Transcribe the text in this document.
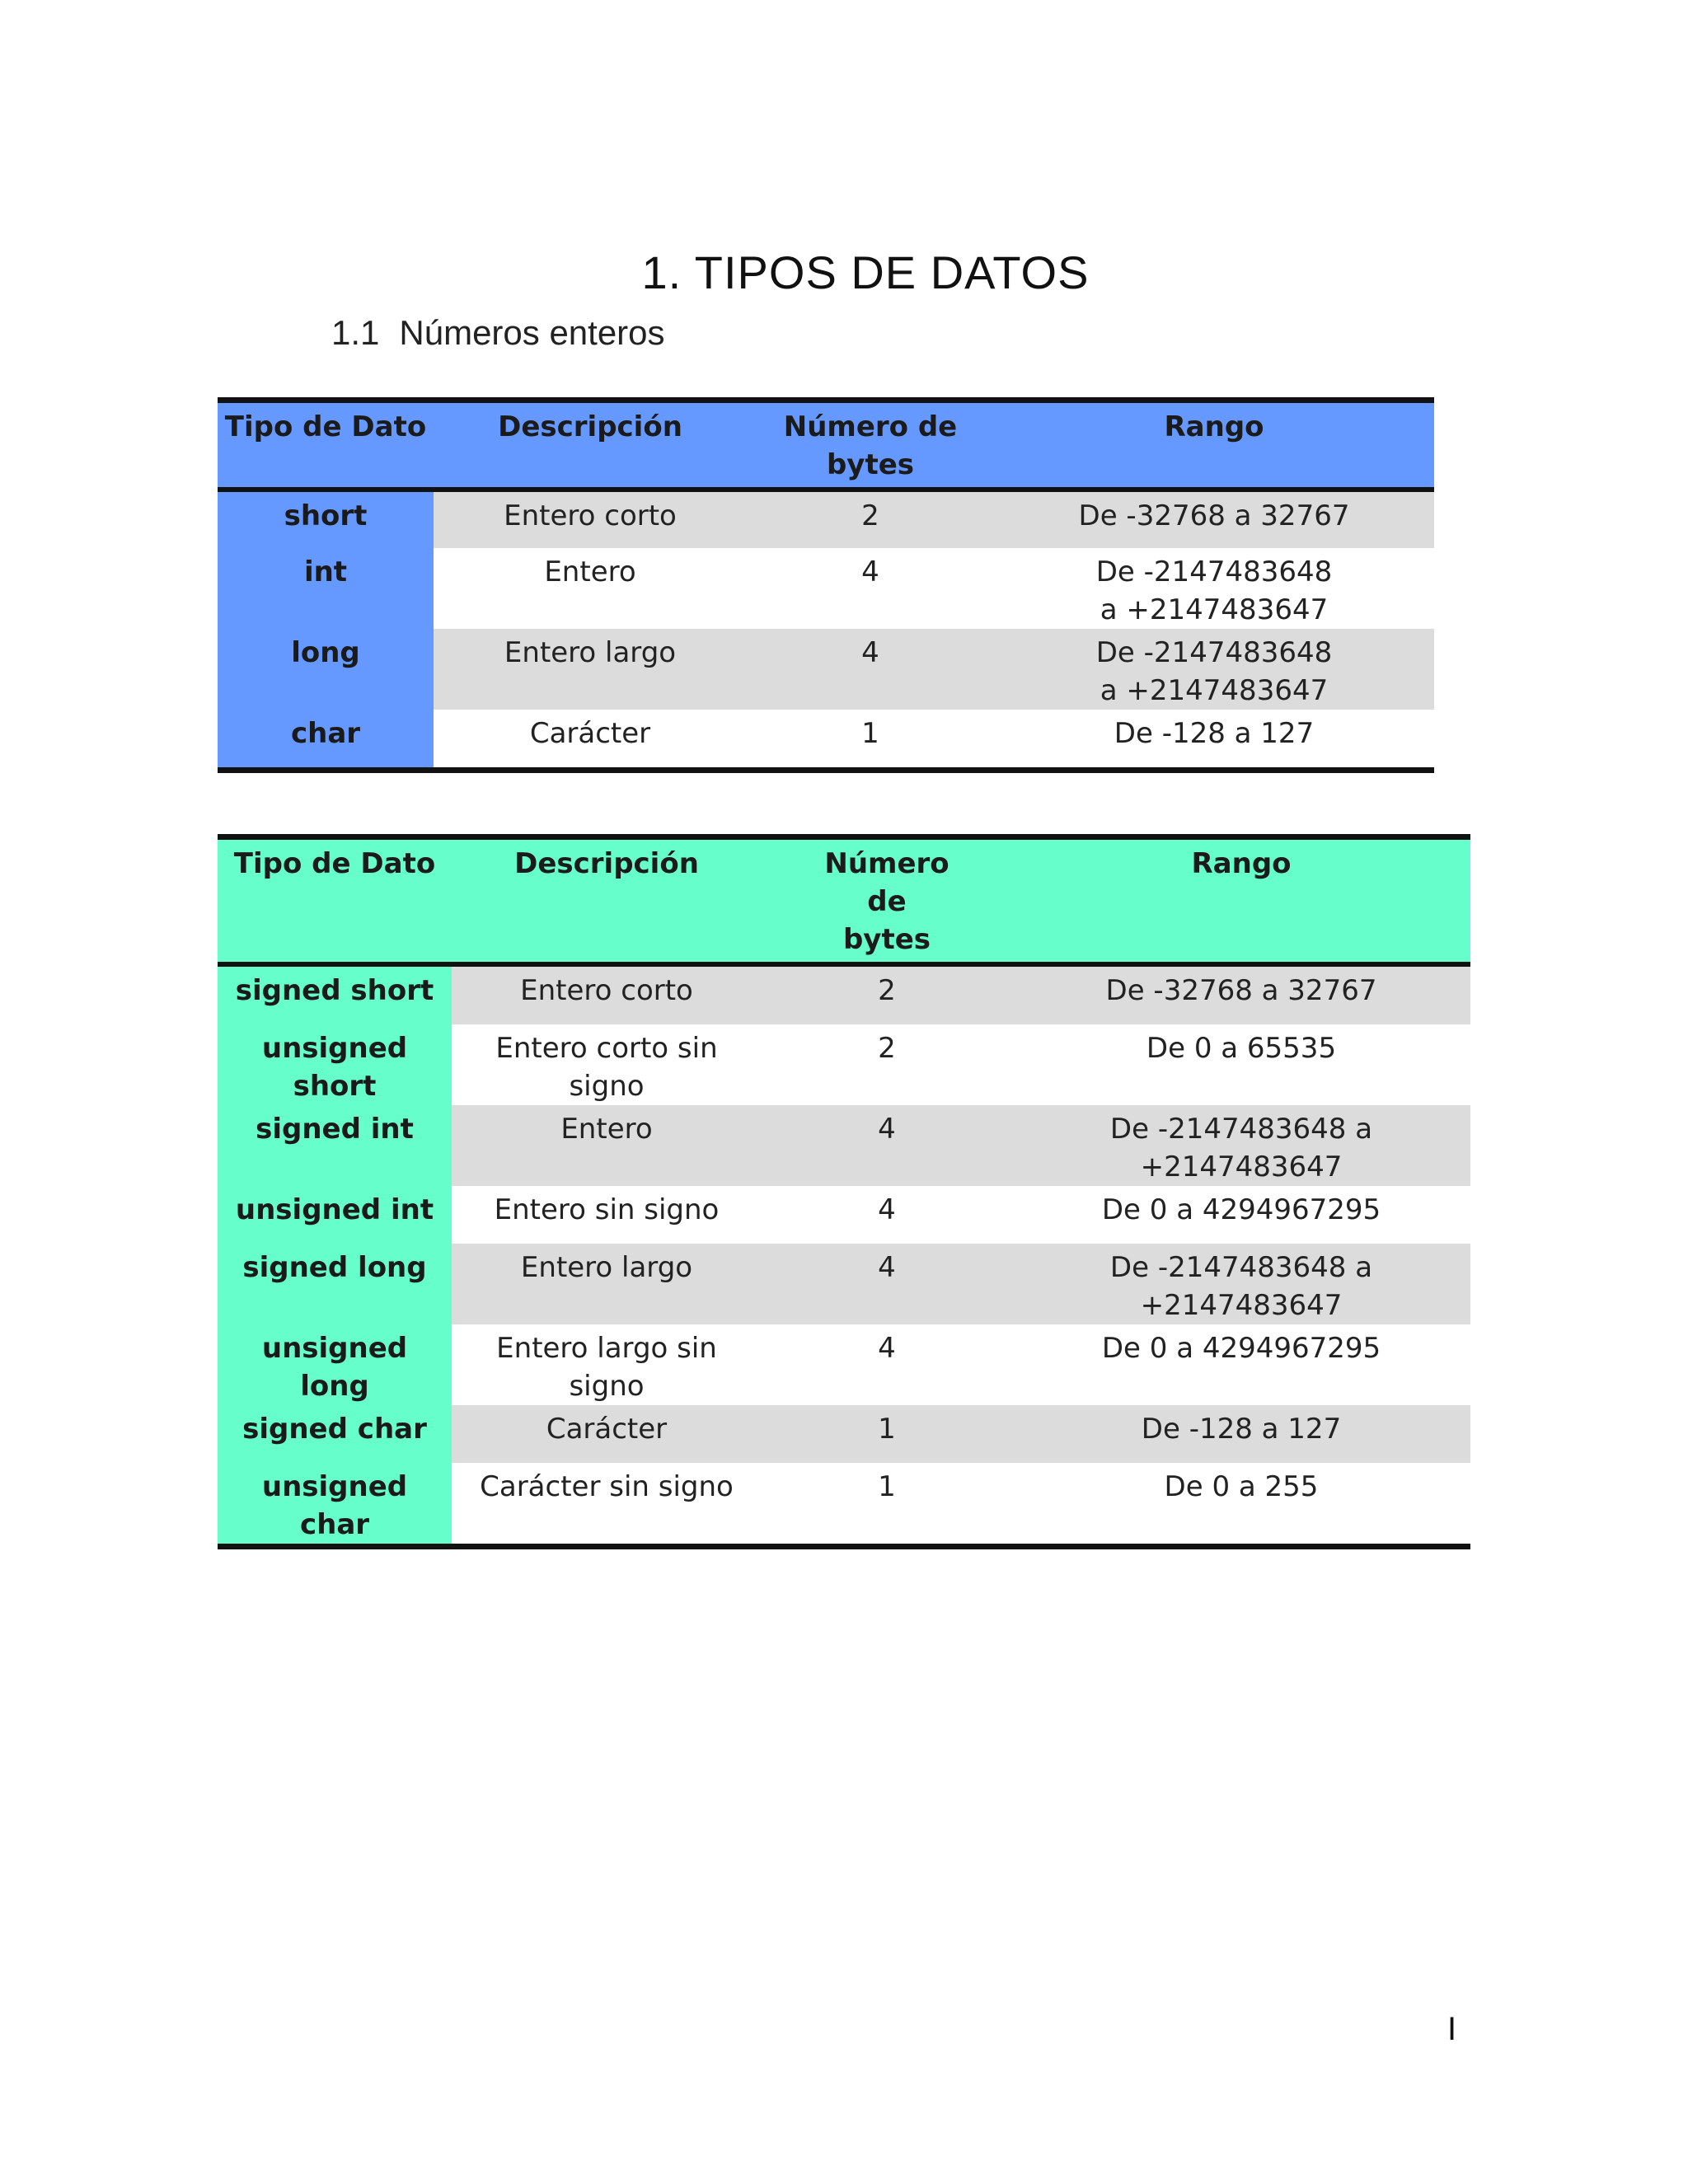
1. TIPOS DE DATOS
1.1 Números enteros
Tipo de Dato	Descripción	Número de bytes	Rango
short	Entero corto	2	De -32768 a 32767
int	Entero	4	De -2147483648 a +2147483647
long	Entero largo	4	De -2147483648 a +2147483647
char	Carácter	1	De -128 a 127
Tipo de Dato	Descripción	Número de bytes	Rango
signed short	Entero corto	2	De -32768 a 32767
unsigned short	Entero corto sin signo	2	De 0 a 65535
signed int	Entero	4	De -2147483648 a +2147483647
unsigned int	Entero sin signo	4	De 0 a 4294967295
signed long	Entero largo	4	De -2147483648 a +2147483647
unsigned long	Entero largo sin signo	4	De 0 a 4294967295
signed char	Carácter	1	De -128 a 127
unsigned char	Carácter sin signo	1	De 0 a 255
I
